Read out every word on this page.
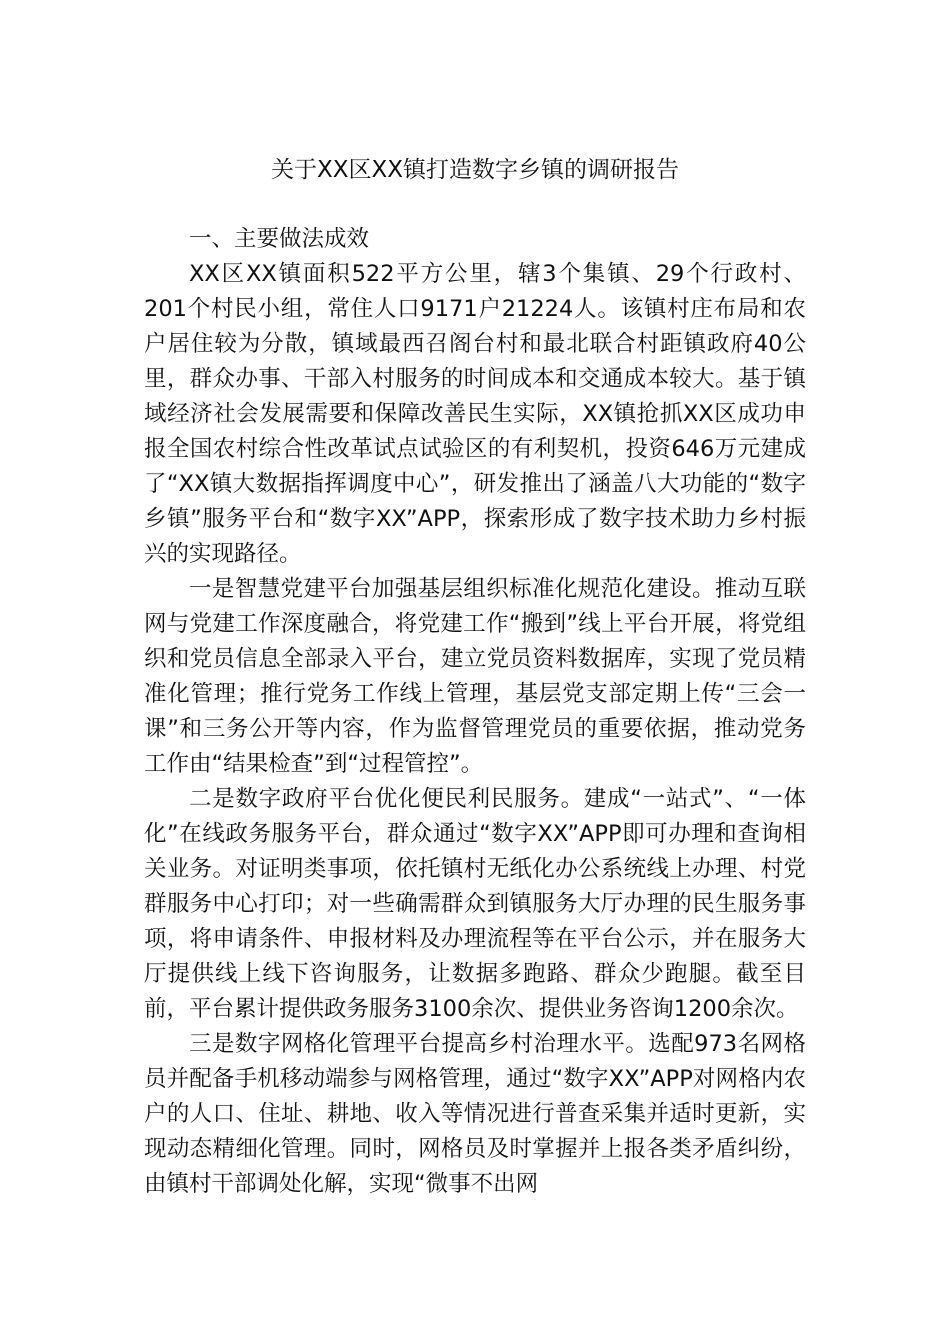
关于XX区XX镇打造数字乡镇的调研报告

一、主要做法成效

XX区XX镇面积522平方公里，辖3个集镇、29个行政村、201个村民小组，常住人口9171户21224人。该镇村庄布局和农户居住较为分散，镇域最西召阁台村和最北联合村距镇政府40公里，群众办事、干部入村服务的时间成本和交通成本较大。基于镇域经济社会发展需要和保障改善民生实际，XX镇抢抓XX区成功申报全国农村综合性改革试点试验区的有利契机，投资646万元建成了“XX镇大数据指挥调度中心”，研发推出了涵盖八大功能的“数字乡镇”服务平台和“数字XX”APP，探索形成了数字技术助力乡村振兴的实现路径。

一是智慧党建平台加强基层组织标准化规范化建设。推动互联网与党建工作深度融合，将党建工作“搬到”线上平台开展，将党组织和党员信息全部录入平台，建立党员资料数据库，实现了党员精准化管理；推行党务工作线上管理，基层党支部定期上传“三会一课”和三务公开等内容，作为监督管理党员的重要依据，推动党务工作由“结果检查”到“过程管控”。

二是数字政府平台优化便民利民服务。建成“一站式”、“一体化”在线政务服务平台，群众通过“数字XX”APP即可办理和查询相关业务。对证明类事项，依托镇村无纸化办公系统线上办理、村党群服务中心打印；对一些确需群众到镇服务大厅办理的民生服务事项，将申请条件、申报材料及办理流程等在平台公示，并在服务大厅提供线上线下咨询服务，让数据多跑路、群众少跑腿。截至目前，平台累计提供政务服务3100余次、提供业务咨询1200余次。

三是数字网格化管理平台提高乡村治理水平。选配973名网格员并配备手机移动端参与网格管理，通过“数字XX”APP对网格内农户的人口、住址、耕地、收入等情况进行普查采集并适时更新，实现动态精细化管理。同时，网格员及时掌握并上报各类矛盾纠纷，由镇村干部调处化解，实现“微事不出网
